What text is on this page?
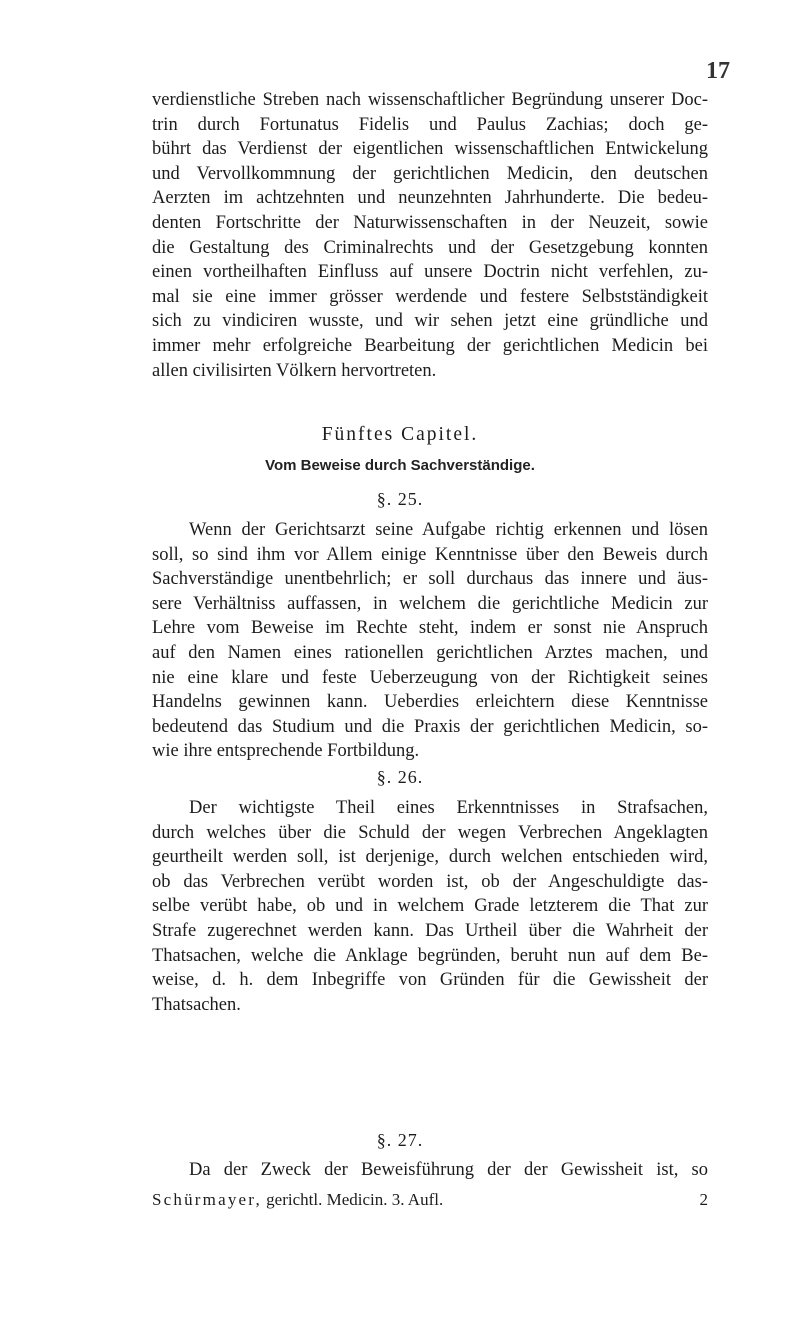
17
verdienstliche Streben nach wissenschaftlicher Begründung unserer Doc-
trin durch Fortunatus Fidelis und Paulus Zachias; doch ge-
bührt das Verdienst der eigentlichen wissenschaftlichen Entwickelung
und Vervollkommnung der gerichtlichen Medicin, den deutschen
Aerzten im achtzehnten und neunzehnten Jahrhunderte. Die bedeu-
denten Fortschritte der Naturwissenschaften in der Neuzeit, sowie
die Gestaltung des Criminalrechts und der Gesetzgebung konnten
einen vortheilhaften Einfluss auf unsere Doctrin nicht verfehlen, zu-
mal sie eine immer grösser werdende und festere Selbstständigkeit
sich zu vindiciren wusste, und wir sehen jetzt eine gründliche und
immer mehr erfolgreiche Bearbeitung der gerichtlichen Medicin bei
allen civilisirten Völkern hervortreten.
Fünftes Capitel.
Vom Beweise durch Sachverständige.
§. 25.
Wenn der Gerichtsarzt seine Aufgabe richtig erkennen und lösen
soll, so sind ihm vor Allem einige Kenntnisse über den Beweis durch
Sachverständige unentbehrlich; er soll durchaus das innere und äus-
sere Verhältniss auffassen, in welchem die gerichtliche Medicin zur
Lehre vom Beweise im Rechte steht, indem er sonst nie Anspruch
auf den Namen eines rationellen gerichtlichen Arztes machen, und
nie eine klare und feste Ueberzeugung von der Richtigkeit seines
Handelns gewinnen kann. Ueberdies erleichtern diese Kenntnisse
bedeutend das Studium und die Praxis der gerichtlichen Medicin, so-
wie ihre entsprechende Fortbildung.
§. 26.
Der wichtigste Theil eines Erkenntnisses in Strafsachen,
durch welches über die Schuld der wegen Verbrechen Angeklagten
geurtheilt werden soll, ist derjenige, durch welchen entschieden wird,
ob das Verbrechen verübt worden ist, ob der Angeschuldigte das-
selbe verübt habe, ob und in welchem Grade letzterem die That zur
Strafe zugerechnet werden kann. Das Urtheil über die Wahrheit der
Thatsachen, welche die Anklage begründen, beruht nun auf dem Be-
weise, d. h. dem Inbegriffe von Gründen für die Gewissheit der
Thatsachen.
§. 27.
Da der Zweck der Beweisführung der der Gewissheit ist, so
Schürmayer, gerichtl. Medicin. 3. Aufl.	2
